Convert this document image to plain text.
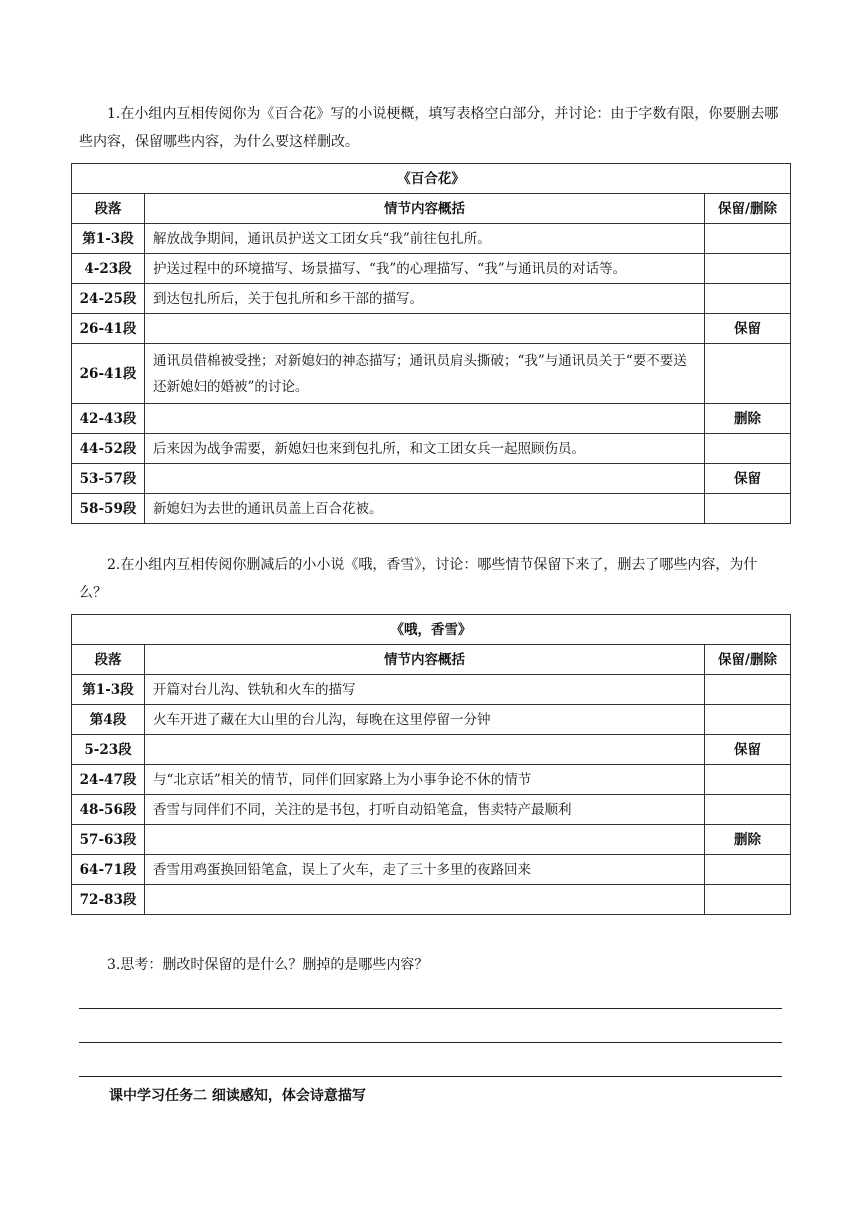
1.在小组内互相传阅你为《百合花》写的小说梗概，填写表格空白部分，并讨论：由于字数有限，你要删去哪些内容，保留哪些内容，为什么要这样删改。

《百合花》		
段落	情节内容概括	保留/删除
第1-3段	解放战争期间，通讯员护送文工团女兵“我”前往包扎所。	
4-23段	护送过程中的环境描写、场景描写、“我”的心理描写、“我”与通讯员的对话等。	
24-25段	到达包扎所后，关于包扎所和乡干部的描写。	
26-41段		保留
26-41段	通讯员借棉被受挫；对新媳妇的神态描写；通讯员肩头撕破；“我”与通讯员关于“要不要送还新媳妇的婚被”的讨论。	
42-43段		删除
44-52段	后来因为战争需要，新媳妇也来到包扎所，和文工团女兵一起照顾伤员。	
53-57段		保留
58-59段	新媳妇为去世的通讯员盖上百合花被。	

2.在小组内互相传阅你删减后的小小说《哦，香雪》，讨论：哪些情节保留下来了，删去了哪些内容，为什么？

《哦，香雪》		
段落	情节内容概括	保留/删除
第1-3段	开篇对台儿沟、铁轨和火车的描写	
第4段	火车开进了藏在大山里的台儿沟，每晚在这里停留一分钟	
5-23段		保留
24-47段	与“北京话”相关的情节，同伴们回家路上为小事争论不休的情节	
48-56段	香雪与同伴们不同，关注的是书包，打听自动铅笔盒，售卖特产最顺利	
57-63段		删除
64-71段	香雪用鸡蛋换回铅笔盒，误上了火车，走了三十多里的夜路回来	
72-83段		

3.思考：删改时保留的是什么？删掉的是哪些内容？

课中学习任务二 细读感知，体会诗意描写
